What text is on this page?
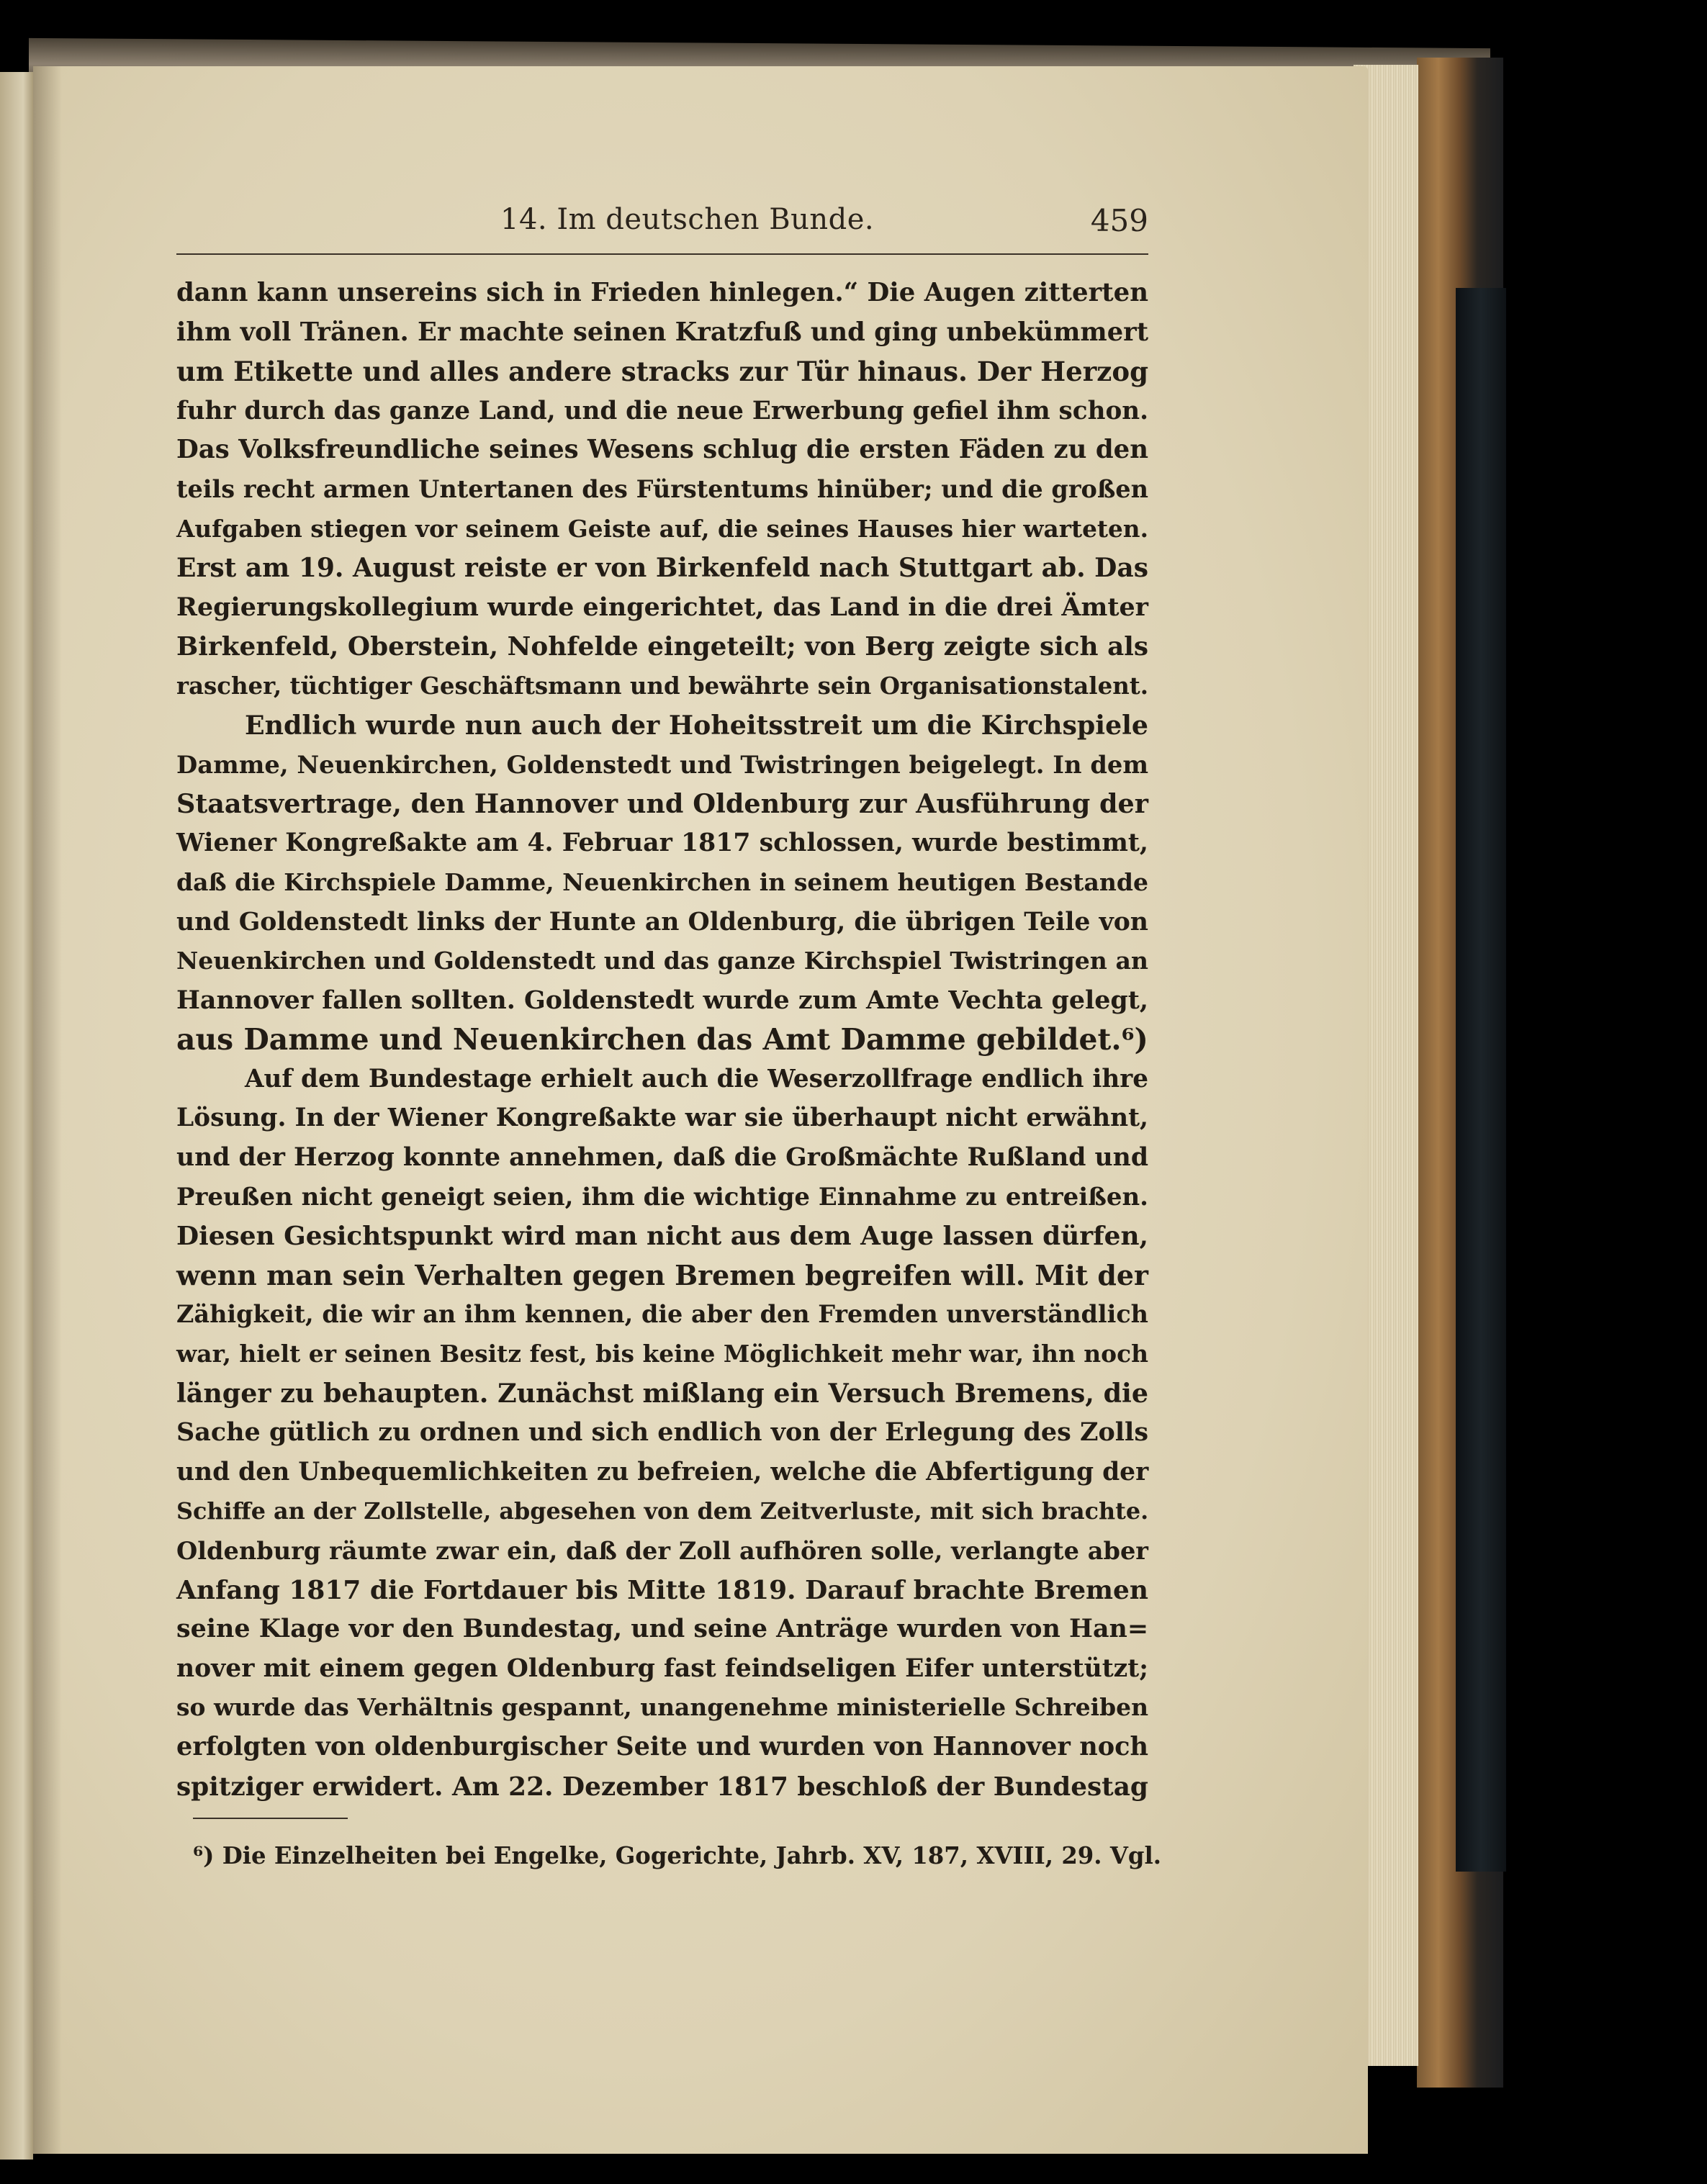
14. Im deutschen Bunde.	459
dann kann unsereins sich in Frieden hinlegen.“ Die Augen zitterten
ihm voll Tränen. Er machte seinen Kratzfuß und ging unbekümmert
um Etikette und alles andere stracks zur Tür hinaus. Der Herzog
fuhr durch das ganze Land, und die neue Erwerbung gefiel ihm schon.
Das Volksfreundliche seines Wesens schlug die ersten Fäden zu den
teils recht armen Untertanen des Fürstentums hinüber; und die großen
Aufgaben stiegen vor seinem Geiste auf, die seines Hauses hier warteten.
Erst am 19. August reiste er von Birkenfeld nach Stuttgart ab. Das
Regierungskollegium wurde eingerichtet, das Land in die drei Ämter
Birkenfeld, Oberstein, Nohfelde eingeteilt; von Berg zeigte sich als
rascher, tüchtiger Geschäftsmann und bewährte sein Organisationstalent.
Endlich wurde nun auch der Hoheitsstreit um die Kirchspiele
Damme, Neuenkirchen, Goldenstedt und Twistringen beigelegt. In dem
Staatsvertrage, den Hannover und Oldenburg zur Ausführung der
Wiener Kongreßakte am 4. Februar 1817 schlossen, wurde bestimmt,
daß die Kirchspiele Damme, Neuenkirchen in seinem heutigen Bestande
und Goldenstedt links der Hunte an Oldenburg, die übrigen Teile von
Neuenkirchen und Goldenstedt und das ganze Kirchspiel Twistringen an
Hannover fallen sollten. Goldenstedt wurde zum Amte Vechta gelegt,
aus Damme und Neuenkirchen das Amt Damme gebildet.⁶)
Auf dem Bundestage erhielt auch die Weserzollfrage endlich ihre
Lösung. In der Wiener Kongreßakte war sie überhaupt nicht erwähnt,
und der Herzog konnte annehmen, daß die Großmächte Rußland und
Preußen nicht geneigt seien, ihm die wichtige Einnahme zu entreißen.
Diesen Gesichtspunkt wird man nicht aus dem Auge lassen dürfen,
wenn man sein Verhalten gegen Bremen begreifen will. Mit der
Zähigkeit, die wir an ihm kennen, die aber den Fremden unverständlich
war, hielt er seinen Besitz fest, bis keine Möglichkeit mehr war, ihn noch
länger zu behaupten. Zunächst mißlang ein Versuch Bremens, die
Sache gütlich zu ordnen und sich endlich von der Erlegung des Zolls
und den Unbequemlichkeiten zu befreien, welche die Abfertigung der
Schiffe an der Zollstelle, abgesehen von dem Zeitverluste, mit sich brachte.
Oldenburg räumte zwar ein, daß der Zoll aufhören solle, verlangte aber
Anfang 1817 die Fortdauer bis Mitte 1819. Darauf brachte Bremen
seine Klage vor den Bundestag, und seine Anträge wurden von Han=
nover mit einem gegen Oldenburg fast feindseligen Eifer unterstützt;
so wurde das Verhältnis gespannt, unangenehme ministerielle Schreiben
erfolgten von oldenburgischer Seite und wurden von Hannover noch
spitziger erwidert. Am 22. Dezember 1817 beschloß der Bundestag
⁶) Die Einzelheiten bei Engelke, Gogerichte, Jahrb. XV, 187, XVIII, 29. Vgl.
